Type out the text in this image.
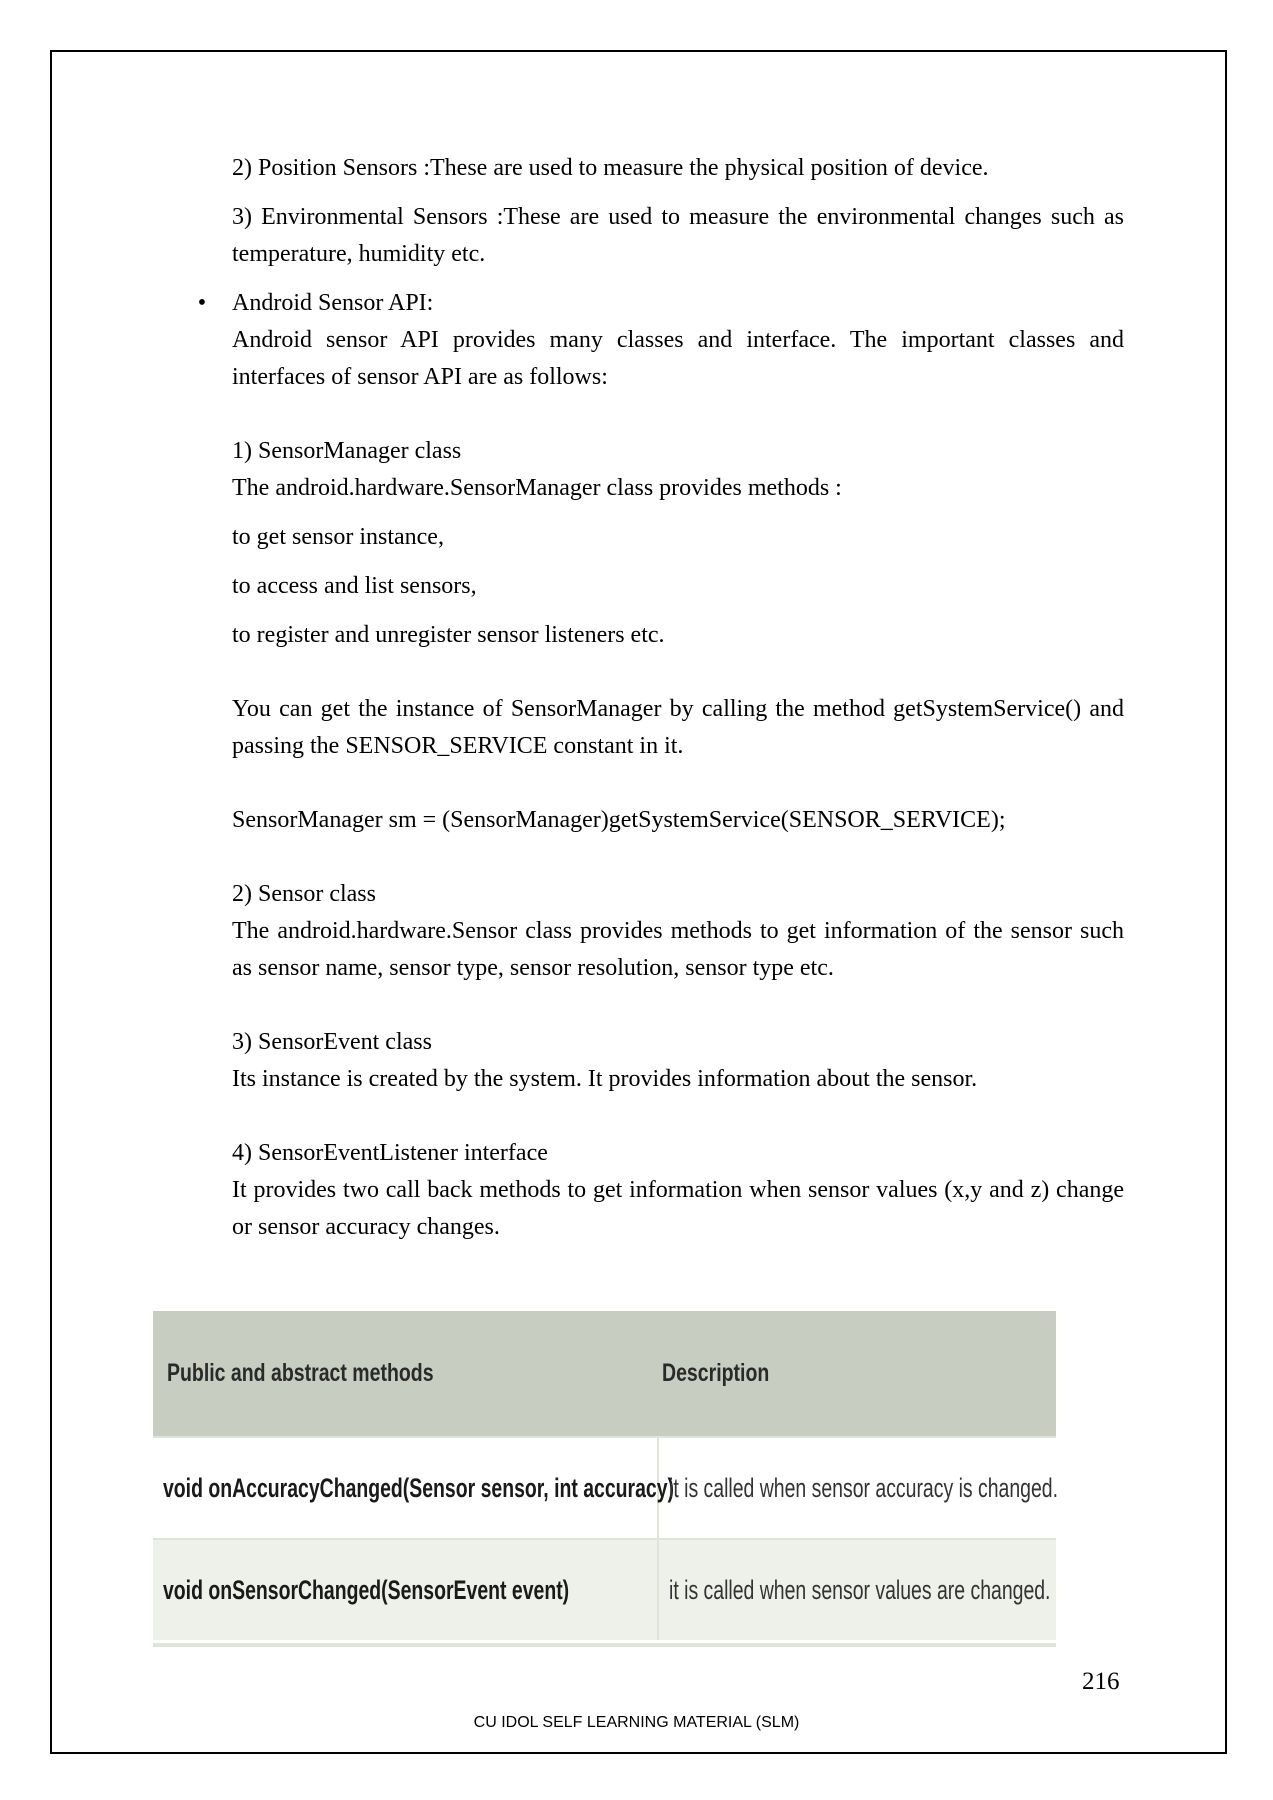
2) Position Sensors :These are used to measure the physical position of device.

3) Environmental Sensors :These are used to measure the environmental changes such as temperature, humidity etc.

• Android Sensor API:

Android sensor API provides many classes and interface. The important classes and interfaces of sensor API are as follows:

1) SensorManager class

The android.hardware.SensorManager class provides methods :

to get sensor instance,

to access and list sensors,

to register and unregister sensor listeners etc.

You can get the instance of SensorManager by calling the method getSystemService() and passing the SENSOR_SERVICE constant in it.

SensorManager sm = (SensorManager)getSystemService(SENSOR_SERVICE);

2) Sensor class

The android.hardware.Sensor class provides methods to get information of the sensor such as sensor name, sensor type, sensor resolution, sensor type etc.

3) SensorEvent class

Its instance is created by the system. It provides information about the sensor.

4) SensorEventListener interface

It provides two call back methods to get information when sensor values (x,y and z) change or sensor accuracy changes.

Public and abstract methods	Description
void onAccuracyChanged(Sensor sensor, int accuracy)
it is called when sensor accuracy is changed.
void onSensorChanged(SensorEvent event)	it is called when sensor values are changed.
216
CU IDOL SELF LEARNING MATERIAL (SLM)
